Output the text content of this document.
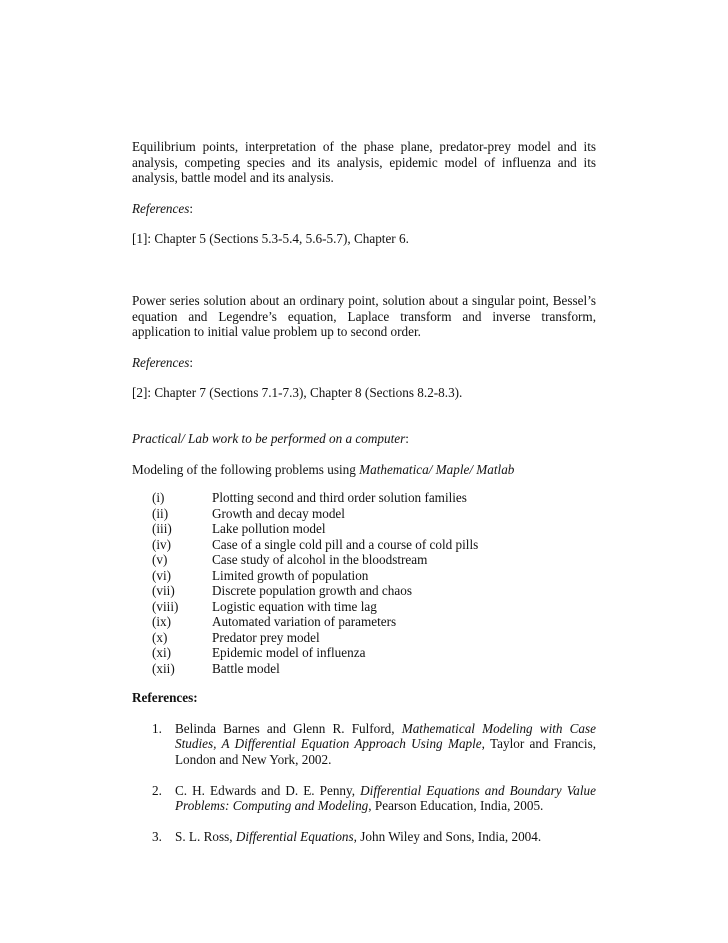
Equilibrium points, interpretation of the phase plane, predator-prey model and its analysis, competing species and its analysis, epidemic model of influenza and its analysis, battle model and its analysis.

References:

[1]: Chapter 5 (Sections 5.3-5.4, 5.6-5.7), Chapter 6.

Power series solution about an ordinary point, solution about a singular point, Bessel’s equation and Legendre’s equation, Laplace transform and inverse transform, application to initial value problem up to second order.

References:

[2]: Chapter 7 (Sections 7.1-7.3), Chapter 8 (Sections 8.2-8.3).

Practical/ Lab work to be performed on a computer:

Modeling of the following problems using Mathematica/ Maple/ Matlab

(i)	Plotting second and third order solution families
(ii)	Growth and decay model
(iii)	Lake pollution model
(iv)	Case of a single cold pill and a course of cold pills
(v)	Case study of alcohol in the bloodstream
(vi)	Limited growth of population
(vii)	Discrete population growth and chaos
(viii)	Logistic equation with time lag
(ix)	Automated variation of parameters
(x)	Predator prey model
(xi)	Epidemic model of influenza
(xii)	Battle model

References:

1. Belinda Barnes and Glenn R. Fulford, Mathematical Modeling with Case Studies, A Differential Equation Approach Using Maple, Taylor and Francis, London and New York, 2002.
2. C. H. Edwards and D. E. Penny, Differential Equations and Boundary Value Problems: Computing and Modeling, Pearson Education, India, 2005.
3. S. L. Ross, Differential Equations, John Wiley and Sons, India, 2004.
